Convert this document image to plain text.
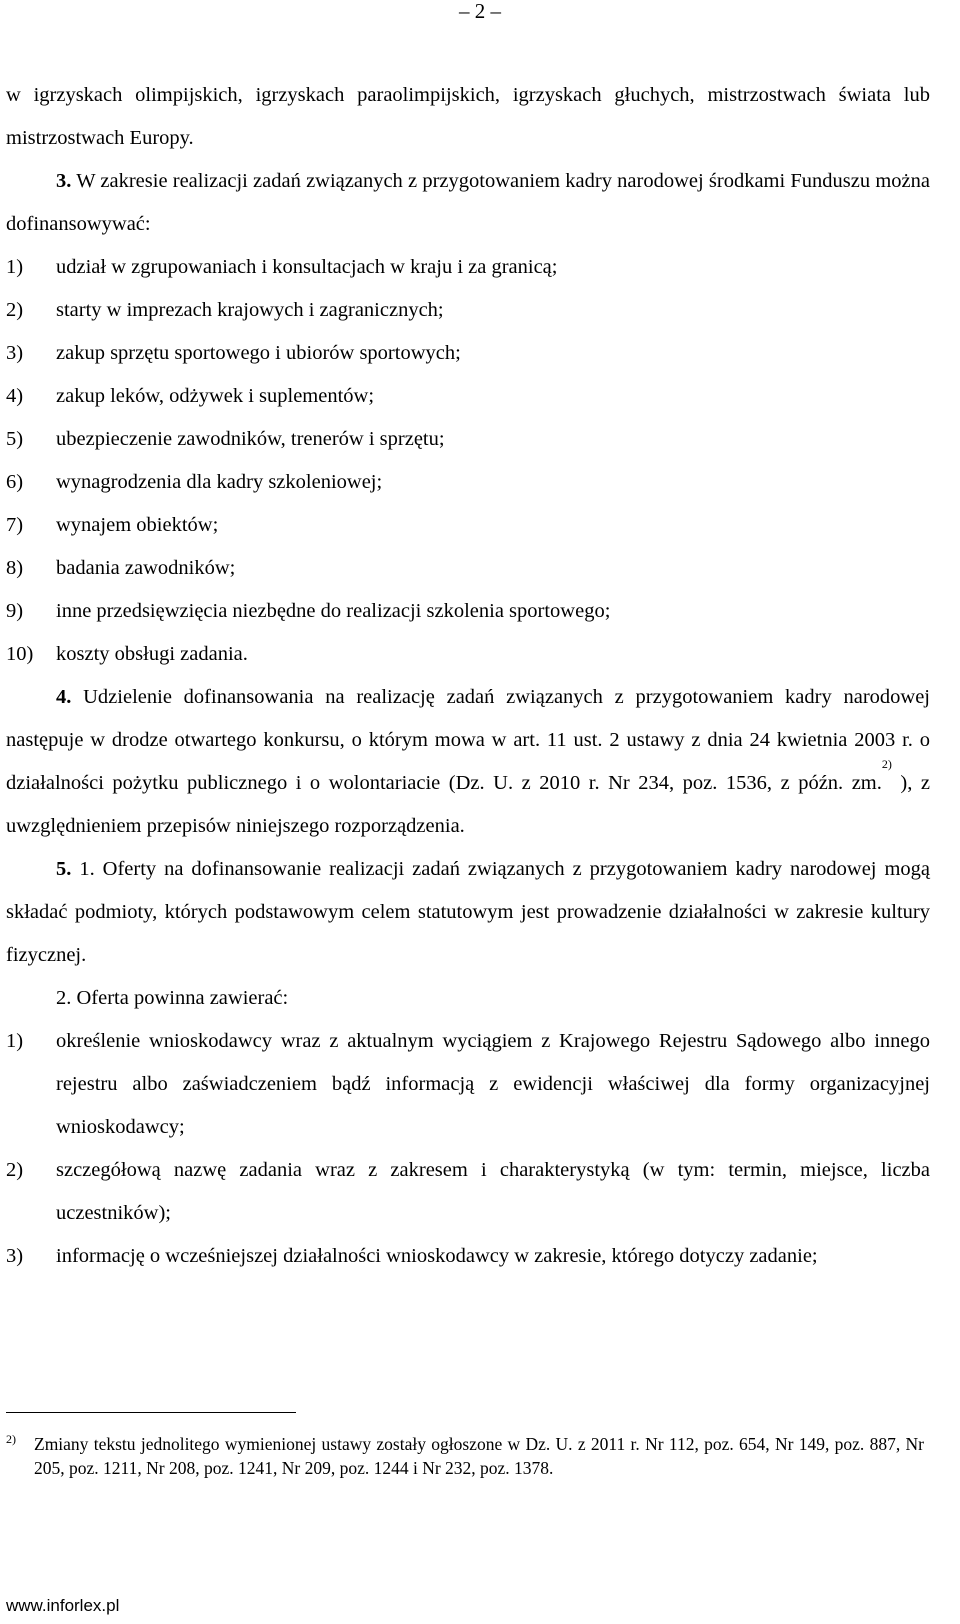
– 2 –

w igrzyskach olimpijskich, igrzyskach paraolimpijskich, igrzyskach głuchych, mistrzostwach świata lub mistrzostwach Europy.

3. W zakresie realizacji zadań związanych z przygotowaniem kadry narodowej środkami Funduszu można dofinansowywać:

1)	udział w zgrupowaniach i konsultacjach w kraju i za granicą;
2)	starty w imprezach krajowych i zagranicznych;
3)	zakup sprzętu sportowego i ubiorów sportowych;
4)	zakup leków, odżywek i suplementów;
5)	ubezpieczenie zawodników, trenerów i sprzętu;
6)	wynagrodzenia dla kadry szkoleniowej;
7)	wynajem obiektów;
8)	badania zawodników;
9)	inne przedsięwzięcia niezbędne do realizacji szkolenia sportowego;
10)	koszty obsługi zadania.

4. Udzielenie dofinansowania na realizację zadań związanych z przygotowaniem kadry narodowej następuje w drodze otwartego konkursu, o którym mowa w art. 11 ust. 2 ustawy z dnia 24 kwietnia 2003 r. o działalności pożytku publicznego i o wolontariacie (Dz. U. z 2010 r. Nr 234, poz. 1536, z późn. zm.$^{2)}$ ), z uwzględnieniem przepisów niniejszego rozporządzenia.

5. 1. Oferty na dofinansowanie realizacji zadań związanych z przygotowaniem kadry narodowej mogą składać podmioty, których podstawowym celem statutowym jest prowadzenie działalności w zakresie kultury fizycznej.

2. Oferta powinna zawierać:

1)	określenie wnioskodawcy wraz z aktualnym wyciągiem z Krajowego Rejestru Sądowego albo innego rejestru albo zaświadczeniem bądź informacją z ewidencji właściwej dla formy organizacyjnej wnioskodawcy;
2)	szczegółową nazwę zadania wraz z zakresem i charakterystyką (w tym: termin, miejsce, liczba uczestników);
3)	informację o wcześniejszej działalności wnioskodawcy w zakresie, którego dotyczy zadanie;
2)	Zmiany tekstu jednolitego wymienionej ustawy zostały ogłoszone w Dz. U. z 2011 r. Nr 112, poz. 654, Nr 149, poz. 887, Nr 205, poz. 1211, Nr 208, poz. 1241, Nr 209, poz. 1244 i Nr 232, poz. 1378.
www.inforlex.pl
